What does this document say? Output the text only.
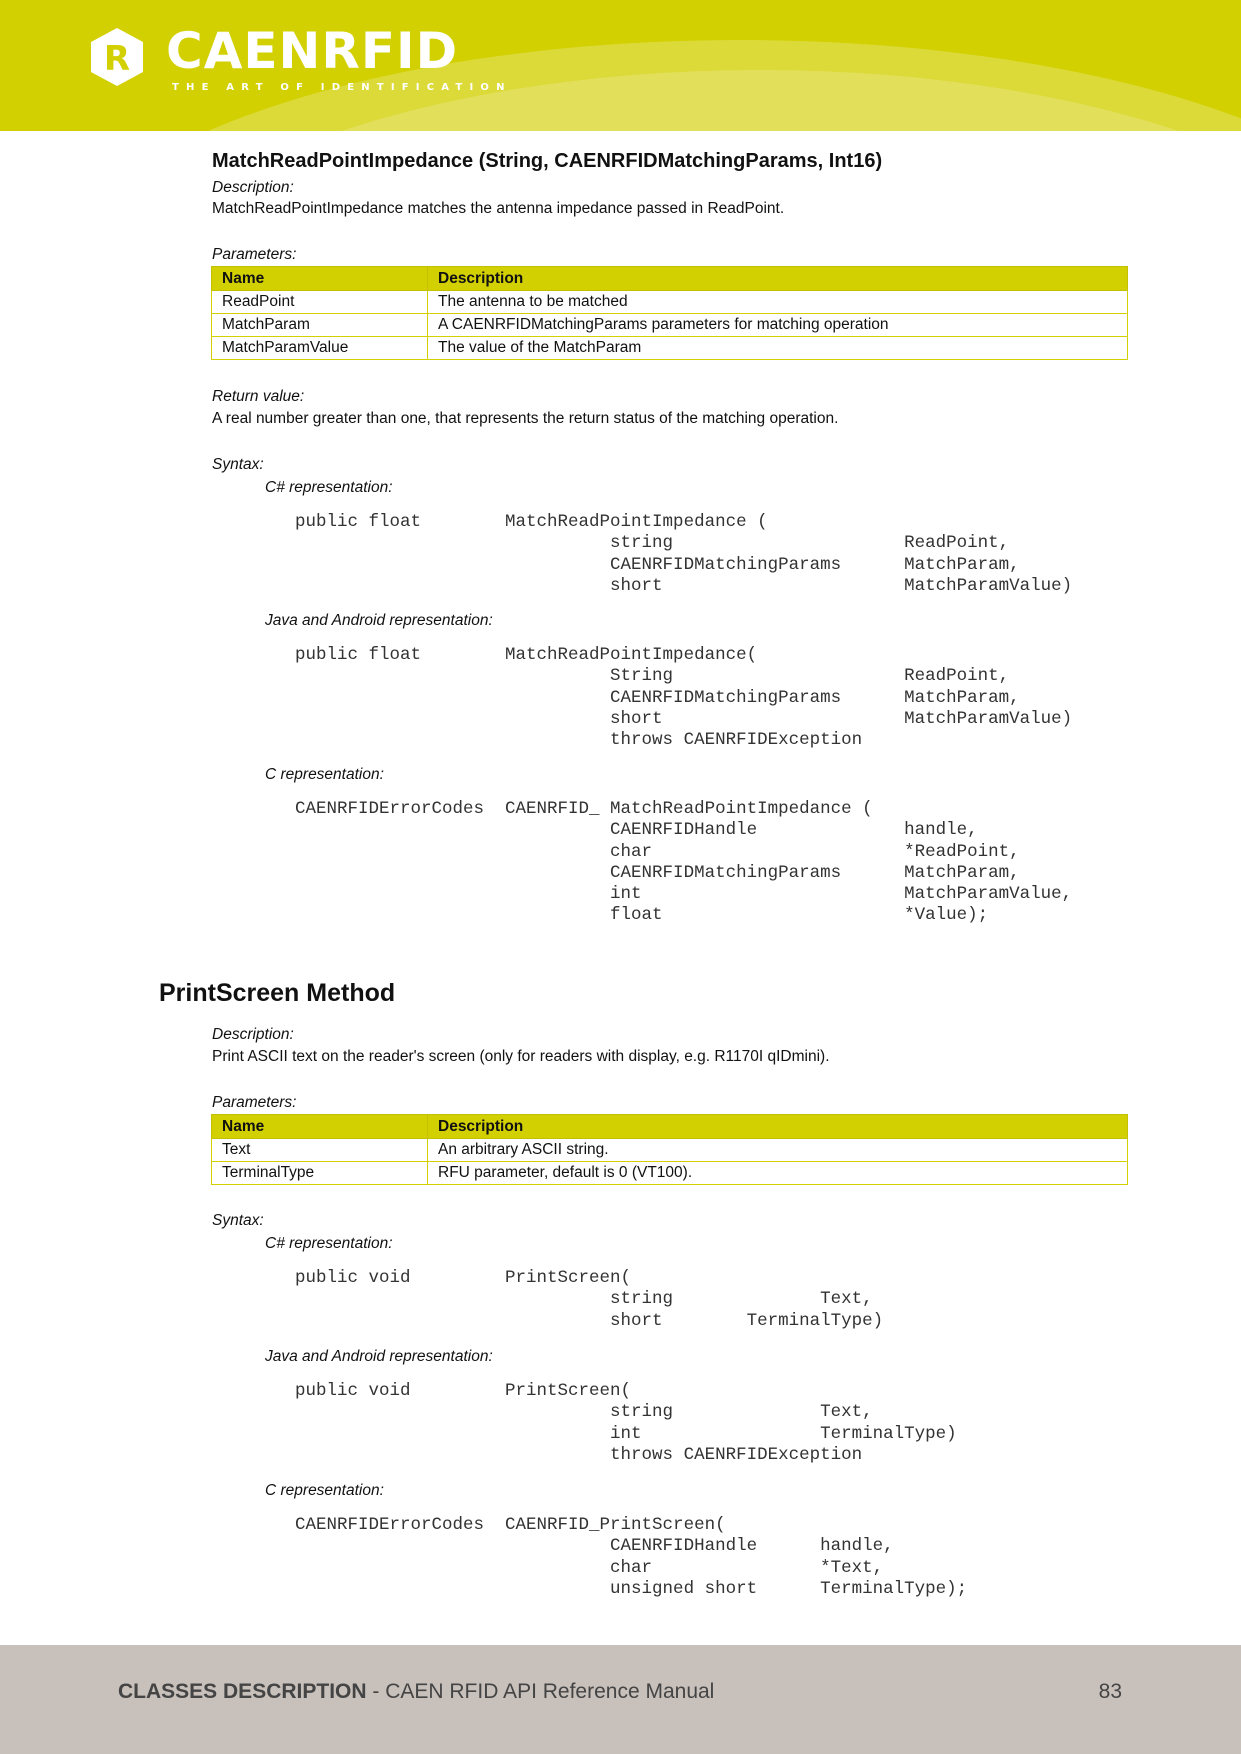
R CAENRFID
THE ART OF IDENTIFICATION
MatchReadPointImpedance (String, CAENRFIDMatchingParams, Int16)
Description:
MatchReadPointImpedance matches the antenna impedance passed in ReadPoint.
Parameters:
Name	Description
ReadPoint	The antenna to be matched
MatchParam	A CAENRFIDMatchingParams parameters for matching operation
MatchParamValue	The value of the MatchParam
Return value:
A real number greater than one, that represents the return status of the matching operation.
Syntax:
C# representation:
public float        MatchReadPointImpedance (
string                      ReadPoint,
CAENRFIDMatchingParams      MatchParam,
short                       MatchParamValue)
Java and Android representation:
public float        MatchReadPointImpedance(
String                      ReadPoint,
CAENRFIDMatchingParams      MatchParam,
short                       MatchParamValue)
throws CAENRFIDException
C representation:
CAENRFIDErrorCodes  CAENRFID_ MatchReadPointImpedance (
CAENRFIDHandle              handle,
char                        *ReadPoint,
CAENRFIDMatchingParams      MatchParam,
int                         MatchParamValue,
float                       *Value);
PrintScreen Method
Description:
Print ASCII text on the reader's screen (only for readers with display, e.g. R1170I qIDmini).
Parameters:
Name	Description
Text	An arbitrary ASCII string.
TerminalType	RFU parameter, default is 0 (VT100).
Syntax:
C# representation:
public void         PrintScreen(
string              Text,
short        TerminalType)
Java and Android representation:
public void         PrintScreen(
string              Text,
int                 TerminalType)
throws CAENRFIDException
C representation:
CAENRFIDErrorCodes  CAENRFID_PrintScreen(
CAENRFIDHandle      handle,
char                *Text,
unsigned short      TerminalType);
CLASSES DESCRIPTION - CAEN RFID API Reference Manual	83
